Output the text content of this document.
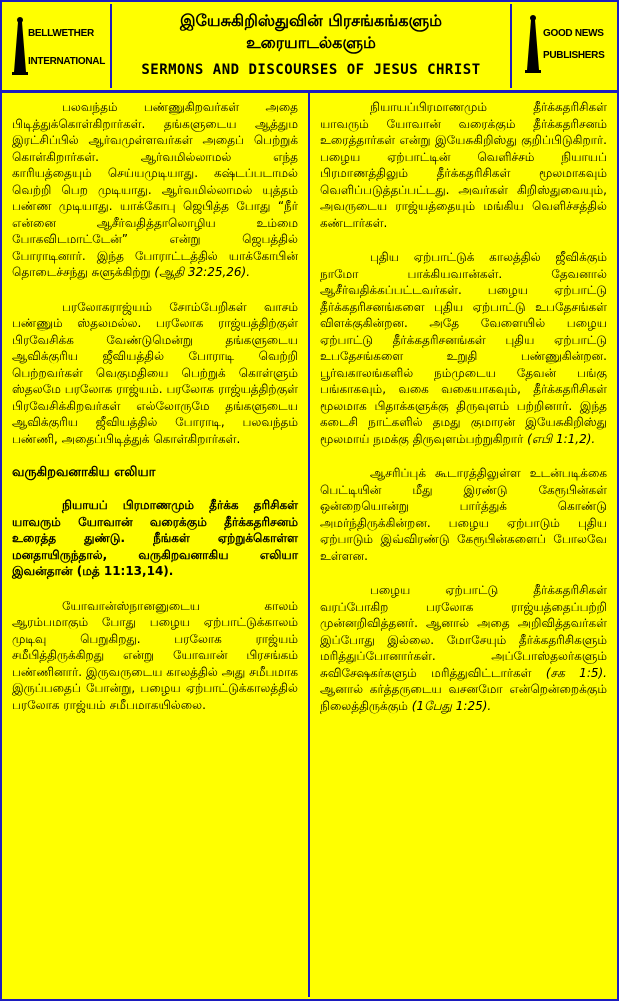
BELLWETHER
INTERNATIONAL
இயேசுகிறிஸ்துவின் பிரசங்கங்களும்
உரையாடல்களும்
SERMONS AND DISCOURSES OF JESUS CHRIST
GOOD NEWS
PUBLISHERS

பலவந்தம் பண்ணுகிறவர்கள் அதை பிடித்துக்கொள்கிறார்கள். தங்களுடைய ஆத்தும இரட்சிப்பில் ஆர்வமுள்ளவர்கள் அதைப் பெற்றுக் கொள்கிறார்கள். ஆர்வமில்லாமல் எந்த காரியத்தையும் செய்யமுடியாது. கஷ்டப்படாமல் வெற்றி பெற முடியாது. ஆர்வமில்லாமல் யுத்தம் பண்ண முடியாது. யாக்கோபு ஜெபித்த போது “நீர் என்னை ஆசீர்வதித்தாலொழிய உம்மை போகவிடமாட்டேன்” என்று ஜெபத்தில் போராடினார். இந்த போராட்டத்தில் யாக்கோபின் தொடைச்சந்து சுளுக்கிற்று (ஆதி 32:25,26).

பரலோகராஜ்யம் சோம்பேறிகள் வாசம் பண்ணும் ஸ்தலமல்ல. பரலோக ராஜ்யத்திற்குள் பிரவேசிக்க வேண்டுமென்று தங்களுடைய ஆவிக்குரிய ஜீவியத்தில் போராடி வெற்றி பெற்றவர்கள் வெகுமதியை பெற்றுக் கொள்ளும் ஸ்தலமே பரலோக ராஜ்யம். பரலோக ராஜ்யத்திற்குள் பிரவேசிக்கிறவர்கள் எல்லோருமே தங்களுடைய ஆவிக்குரிய ஜீவியத்தில் போராடி, பலவந்தம் பண்ணி, அதைப்பிடித்துக் கொள்கிறார்கள்.

வருகிறவனாகிய எலியா

நியாயப் பிரமாணமும் தீர்க்க தரிசிகள் யாவரும் யோவான் வரைக்கும் தீர்க்கதரிசனம் உரைத்த துண்டு. நீங்கள் ஏற்றுக்கொள்ள மனதாயிருந்தால், வருகிறவனாகிய எலியா இவன்தான் (மத் 11:13,14).

யோவான்ஸ்நானனுடைய காலம் ஆரம்பமாகும் போது பழைய ஏற்பாட்டுக்காலம் முடிவு பெறுகிறது. பரலோக ராஜ்யம் சமீபித்திருக்கிறது என்று யோவான் பிரசங்கம் பண்ணினார். இருவருடைய காலத்தில் அது சமீபமாக இருப்பதைப் போன்று, பழைய ஏற்பாட்டுக்காலத்தில் பரலோக ராஜ்யம் சமீபமாகயில்லை.

நியாயப்பிரமாணமும் தீர்க்கதரிசிகள் யாவரும் யோவான் வரைக்கும் தீர்க்கதரிசனம் உரைத்தார்கள் என்று இயேசுகிறிஸ்து குறிப்பிடுகிறார். பழைய ஏற்பாட்டின் வெளிச்சம் நியாயப் பிரமாணத்திலும் தீர்க்கதரிசிகள் மூலமாகவும் வெளிப்படுத்தப்பட்டது. அவர்கள் கிறிஸ்துவையும், அவருடைய ராஜ்யத்தையும் மங்கிய வெளிச்சத்தில் கண்டார்கள்.

புதிய ஏற்பாட்டுக் காலத்தில் ஜீவிக்கும் நாமோ பாக்கியவான்கள். தேவனால் ஆசீர்வதிக்கப்பட்டவர்கள். பழைய ஏற்பாட்டு தீர்க்கதரிசனங்களை புதிய ஏற்பாட்டு உபதேசங்கள் விளக்குகின்றன. அதே வேளையில் பழைய ஏற்பாட்டு தீர்க்கதரிசனங்கள் புதிய ஏற்பாட்டு உபதேசங்களை உறுதி பண்ணுகின்றன. பூர்வகாலங்களில் நம்முடைய தேவன் பங்கு பங்காகவும், வகை வகையாகவும், தீர்க்கதரிசிகள் மூலமாக பிதாக்களுக்கு திருவுளம் பற்றினார். இந்த கடைசி நாட்களில் தமது குமாரன் இயேசுகிறிஸ்து மூலமாய் நமக்கு திருவுளம்பற்றுகிறார் (எபி 1:1,2).

ஆசரிப்புக் கூடாரத்திலுள்ள உடன்படிக்கை பெட்டியின் மீது இரண்டு கேரூபின்கள் ஒன்றையொன்று பார்த்துக் கொண்டு அமர்ந்திருக்கின்றன. பழைய ஏற்பாடும் புதிய ஏற்பாடும் இவ்விரண்டு கேரூபின்களைப் போலவே உள்ளன.

பழைய ஏற்பாட்டு தீர்க்கதரிசிகள் வரப்போகிற பரலோக ராஜ்யத்தைப்பற்றி முன்னறிவித்தனர். ஆனால் அதை அறிவித்தவர்கள் இப்போது இல்லை. மோசேயும் தீர்க்கதரிசிகளும் மரித்துப்போனார்கள். அப்போஸ்தலர்களும் சுவிசேஷகர்களும் மரித்துவிட்டார்கள் (சக 1:5). ஆனால் கர்த்தருடைய வசனமோ என்றென்றைக்கும் நிலைத்திருக்கும் (1பேது 1:25).
